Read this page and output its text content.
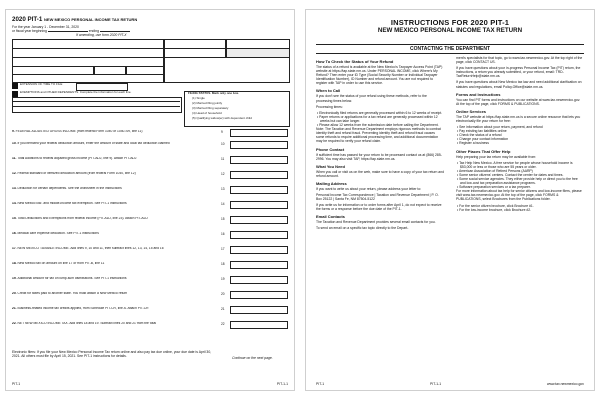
2020 PIT-1 NEW MEXICO PERSONAL INCOME TAX RETURN
For the year January 1 - December 31, 2020
or fiscal year beginning	ending
If amending, use form 2020 PIT-X
EXTENSION OF TIME TO FILE
EXEMPTIONS and OTHER DEPENDENTS. Complete the information for each line.	FILING STATUS. Mark only one box.
(1) Single
(2) Married filing jointly
(3) Married filing separately
(4) Head of household
(5) Qualifying widow(er) with dependent child
9. FEDERAL ADJUSTED GROSS INCOME (from federal Form 1040 or 1040-SR, line 11)	9
10. If you itemized your federal deduction amount, enter the amount of state and local tax deduction claimed	10
11. Total Additions to federal adjusted gross income (PIT-ADJ, line 9). Attach PIT-ADJ	11
12. Federal standard or itemized deduction amount (from federal Form 1040, line 12)	12
13. Deduction for certain dependents. See the worksheet in the instructions	13
14. New Mexico low- and middle-income tax exemption. See PIT-1 instructions	14
15. Total Deductions and Exemptions from federal income (PIT-ADJ, line 23). Attach PIT-ADJ	15
16. Medical care expense deduction. See PIT-1 instructions	16
17. NEW MEXICO TAXABLE INCOME. Add lines 9, 10 and 11, then subtract lines 12, 13, 14, 15 and 16	17
18. New Mexico tax on amount on line 17 or from PIT-B, line 11	18
19. Additional amount for tax on lump-sum distributions. See PIT-1 instructions	19
20. Credit for taxes paid to another state. You must attach a New Mexico return	20
21. Business-related income tax credits applied, from Schedule PIT-CR, line A. Attach PIT-CR	21
22. NET NEW MEXICO INCOME TAX. Add lines 18 and 19. Subtract lines 20 and 21 from the total	22
Electronic filers: If you file your New Mexico Personal Income Tax return online and also pay tax due online, your due date is April 30, 2021. All others must file by April 15, 2021. See PIT-1 instructions for details.	Continue on the next page.
PIT-1	PIT-1-1
INSTRUCTIONS FOR 2020 PIT-1
NEW MEXICO PERSONAL INCOME TAX RETURN
CONTACTING THE DEPARTMENT
How To Check the Status of Your Refund
The status of a refund is available at the New Mexico's Taxpayer Access Point (TAP) website at https://tap.state.nm.us. Under PERSONAL INCOME, click Where's My Refund? Then enter your ID Type (Social Security Number or Individual Taxpayer Identification Number), ID Number and refund amount. You are not required to register with TAP in order to use this service.
When to Call
If you don't see the status of your refund using these methods, refer to the processing times below.
Processing times:
• Electronically filed returns are generally processed within 6 to 12 weeks of receipt.
• Paper returns or applications for a tax refund are generally processed within 12 weeks but can take longer.
• Please allow 12 weeks from the submission date before calling the Department.
Note: The Taxation and Revenue Department employs rigorous methods to combat identity theft and refund fraud. Preventing identity theft and refund fraud causes some refunds to require additional processing time, and additional documentation may be required to verify your refund claim.
Phone Contact
If sufficient time has passed for your return to be processed contact us at (866) 285-2996. You may also visit TAP, https://tap.state.nm.us.
What You Need
When you call or visit us on the web, make sure to have a copy of your tax return and refund amount.
Mailing Address
If you want to write us about your return, please address your letter to:
Personal Income Tax Correspondence | Taxation and Revenue Department | P. O. Box 25122 | Santa Fe, NM 87504-5122
If you write us for information or to order forms after April 1, do not expect to receive the forms or a response before the due date of the PIT-1.
Email Contacts
The Taxation and Revenue Department provides several email contacts for you.
To send an email on a specific tax topic directly to the Depart-
ment's specialists for that topic, go to www.tax.newmexico.gov. At the top right of the page, click CONTACT US.
If you have questions about your in-progress Personal Income Tax (PIT) return, the instructions, a return you already submitted, or your refund, email: TRD-TaxReturnHelp@state.nm.us.
If you have questions about New Mexico tax law and need additional clarification on statutes and regulations, email Policy.Office@state.nm.us.
Forms and Instructions
You can find PIT forms and instructions on our website at www.tax.newmexico.gov. At the top of the page, click FORMS & PUBLICATIONS.
Online Services
The TAP website at https://tap.state.nm.us is a secure online resource that lets you electronically file your return for free:
• See information about your return, payment, and refund
• Pay existing tax liabilities online
• Check the status of a refund
• Change your contact information
• Register a business
Other Places That Offer Help
Help preparing your tax return may be available from:
• Tax Help New Mexico. A free service for people whose household income is $53,000 or less or those who are 55 years or older.
• American Association of Retired Persons (AARP)
• Some senior citizens' centers. Contact the center for dates and times.
• Some social service agencies. They either provide help or direct you to the free and low-cost tax preparation assistance programs.
• Software preparation services or a tax preparer.
For more information about tax help for senior citizens and low-income filers, please visit www.tax.newmexico.gov. At the top of the page, click FORMS & PUBLICATIONS, select Brochures from the Publications folder.
• For the senior citizen brochure, click Brochure #1.
• For the low-income brochure, click Brochure #2.
PIT-1	PIT-1-1	www.tax.newmexico.gov
